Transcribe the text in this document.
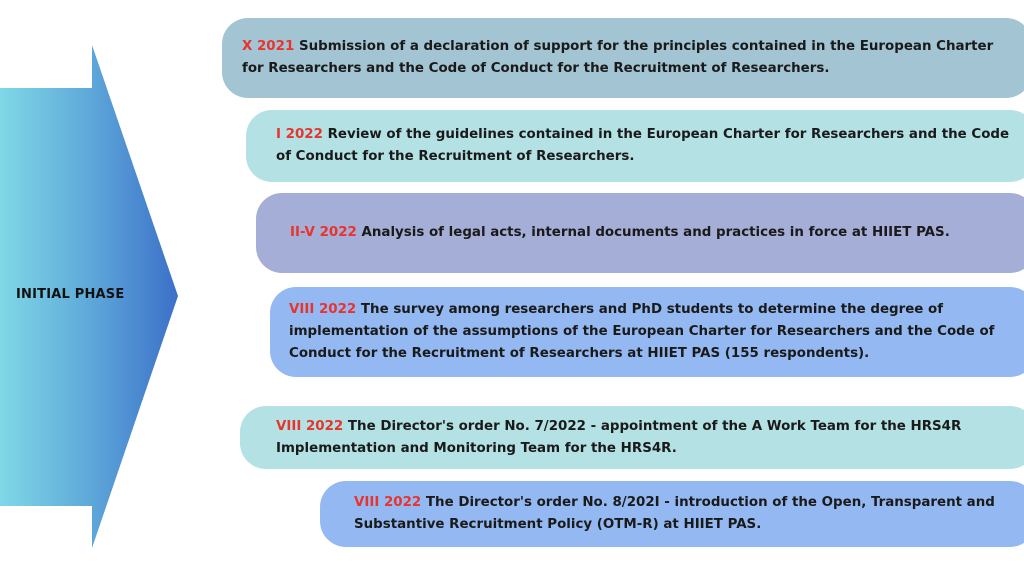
INITIAL PHASE

X 2021 Submission of a declaration of support for the principles contained in the European Charter for Researchers and the Code of Conduct for the Recruitment of Researchers.

I 2022 Review of the guidelines contained in the European Charter for Researchers and the Code of Conduct for the Recruitment of Researchers.

II-V 2022 Analysis of legal acts, internal documents and practices in force at HIIET PAS.

VIII 2022 The survey among researchers and PhD students to determine the degree of implementation of the assumptions of the European Charter for Researchers and the Code of Conduct for the Recruitment of Researchers at HIIET PAS (155 respondents).

VIII 2022 The Director's order No. 7/2022 - appointment of the A Work Team for the HRS4R Implementation and Monitoring Team for the HRS4R.

VIII 2022 The Director's order No. 8/202I - introduction of the Open, Transparent and Substantive Recruitment Policy (OTM-R) at HIIET PAS.
